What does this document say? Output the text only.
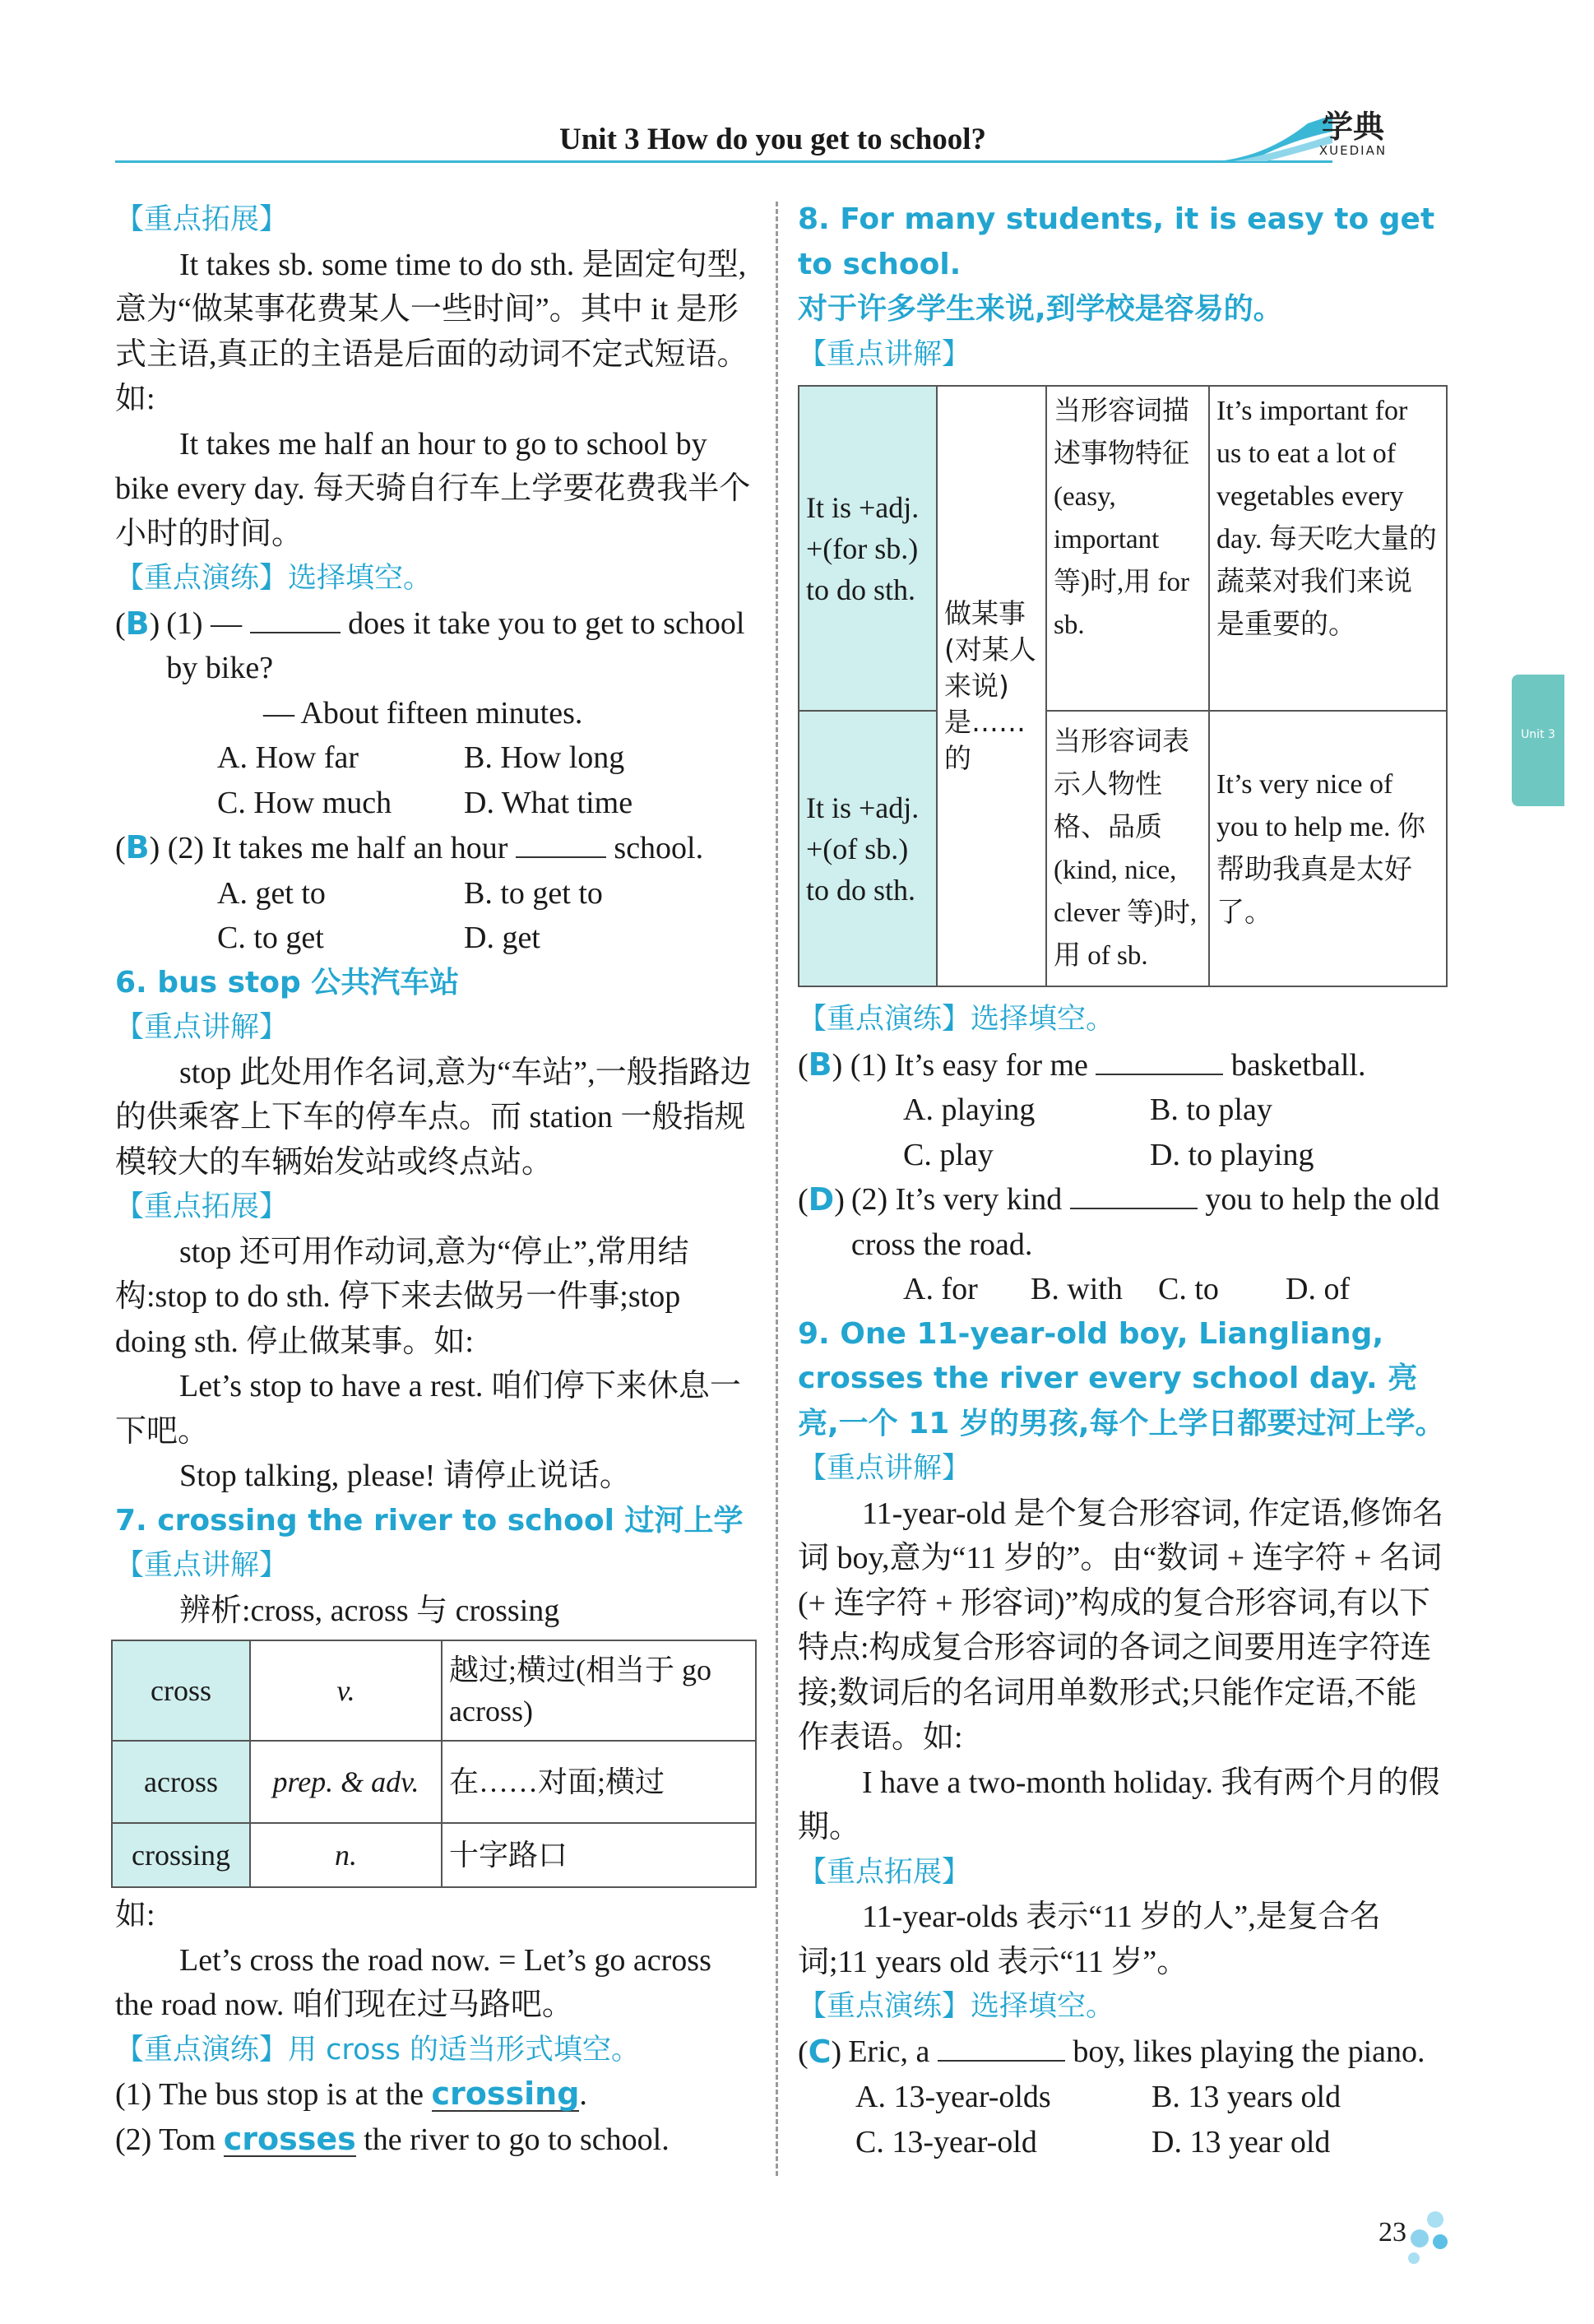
Unit 3 How do you get to school?	学典
XUEDIAN
Unit 3

【重点拓展】

It takes sb. some time to do sth. 是固定句型,意为“做某事花费某人一些时间”。其中 it 是形式主语,真正的主语是后面的动词不定式短语。如:

It takes me half an hour to go to school by bike every day. 每天骑自行车上学要花费我半个小时的时间。

【重点演练】选择填空。

(B) (1) —	does it take you to get to school by bike?

— About fifteen minutes.

A. How far	B. How long

C. How much	D. What time

(B) (2) It takes me half an hour	school.

A. get to	B. to get to

C. to get	D. get

6. bus stop 公共汽车站

【重点讲解】

stop 此处用作名词,意为“车站”,一般指路边的供乘客上下车的停车点。而 station 一般指规模较大的车辆始发站或终点站。

【重点拓展】

stop 还可用作动词,意为“停止”,常用结构:stop to do sth. 停下来去做另一件事;stop doing sth. 停止做某事。如:

Let’s stop to have a rest. 咱们停下来休息一下吧。

Stop talking, please! 请停止说话。

7. crossing the river to school 过河上学

【重点讲解】

辨析:cross, across 与 crossing

cross	v.	越过;横过(相当于 go across)
across	prep. & adv.	在……对面;横过
crossing	n.	十字路口

如:

Let’s cross the road now. = Let’s go across the road now. 咱们现在过马路吧。

【重点演练】用 cross 的适当形式填空。

(1) The bus stop is at the crossing.

(2) Tom crosses the river to go to school.

8. For many students, it is easy to get to school.

对于许多学生来说,到学校是容易的。

【重点讲解】

It is +adj. +(for sb.) to do sth.	做某事(对某人来说)是……的	当形容词描述事物特征(easy, important 等)时,用 for sb.	It’s important for us to eat a lot of vegetables every day. 每天吃大量的蔬菜对我们来说是重要的。
It is +adj. +(of sb.) to do sth.		当形容词表示人物性格、品质(kind, nice, clever 等)时,用 of sb.	It’s very nice of you to help me. 你帮助我真是太好了。

【重点演练】选择填空。

(B) (1) It’s easy for me	basketball.

A. playing	B. to play

C. play	D. to playing

(D) (2) It’s very kind	you to help the old cross the road.

A. for	B. with	C. to	D. of

9. One 11-year-old boy, Liangliang, crosses the river every school day. 亮亮,一个 11 岁的男孩,每个上学日都要过河上学。

【重点讲解】

11-year-old 是个复合形容词, 作定语,修饰名词 boy,意为“11 岁的”。由“数词 + 连字符 + 名词(+ 连字符 + 形容词)”构成的复合形容词,有以下特点:构成复合形容词的各词之间要用连字符连接;数词后的名词用单数形式;只能作定语,不能作表语。如:

I have a two-month holiday. 我有两个月的假期。

【重点拓展】

11-year-olds 表示“11 岁的人”,是复合名词;11 years old 表示“11 岁”。

【重点演练】选择填空。

(C) Eric, a	boy, likes playing the piano.

A. 13-year-olds	B. 13 years old

C. 13-year-old	D. 13 year old

23
